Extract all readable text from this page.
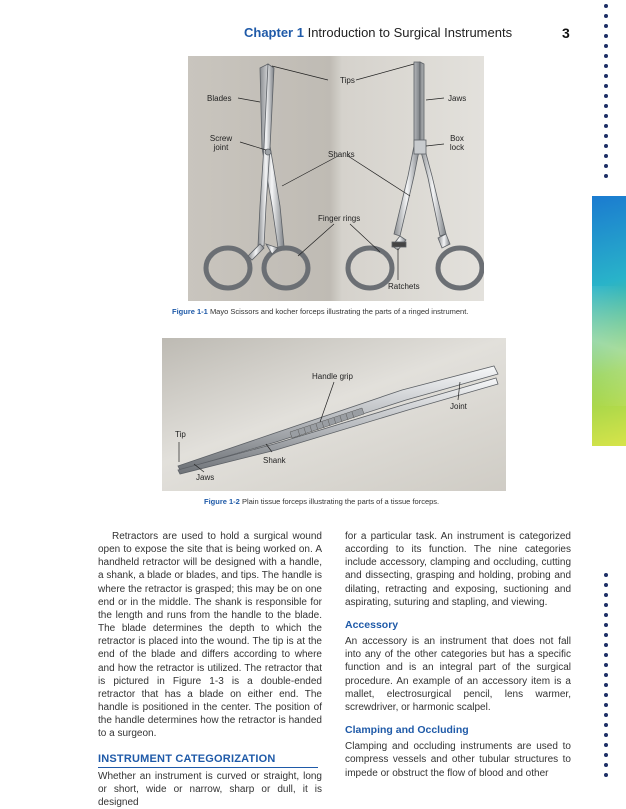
Chapter 1 Introduction to Surgical Instruments	3
Blades
Tips
Jaws
Screw
joint
Box
lock
Shanks
Finger rings
Ratchets
Figure 1-1 Mayo Scissors and kocher forceps illustrating the parts of a ringed instrument.
Handle grip
Joint
Tip
Shank
Jaws
Figure 1-2 Plain tissue forceps illustrating the parts of a tissue forceps.

Retractors are used to hold a surgical wound open to expose the site that is being worked on. A handheld retractor will be designed with a handle, a shank, a blade or blades, and tips. The handle is where the retractor is grasped; this may be on one end or in the middle. The shank is responsible for the length and runs from the handle to the blade. The blade determines the depth to which the retractor is placed into the wound. The tip is at the end of the blade and differs according to where and how the retractor is utilized. The retractor that is pictured in Figure 1-3 is a double-ended retractor that has a blade on either end. The handle is positioned in the center. The position of the handle determines how the retractor is handed to a surgeon.

INSTRUMENT CATEGORIZATION

Whether an instrument is curved or straight, long or short, wide or narrow, sharp or dull, it is designed

for a particular task. An instrument is categorized according to its function. The nine categories include accessory, clamping and occluding, cutting and dissecting, grasping and holding, probing and dilating, retracting and exposing, suctioning and aspirating, suturing and stapling, and viewing.

Accessory

An accessory is an instrument that does not fall into any of the other categories but has a specific function and is an integral part of the surgical procedure. An example of an accessory item is a mallet, electrosurgical pencil, lens warmer, screwdriver, or harmonic scalpel.

Clamping and Occluding

Clamping and occluding instruments are used to compress vessels and other tubular structures to impede or obstruct the flow of blood and other
